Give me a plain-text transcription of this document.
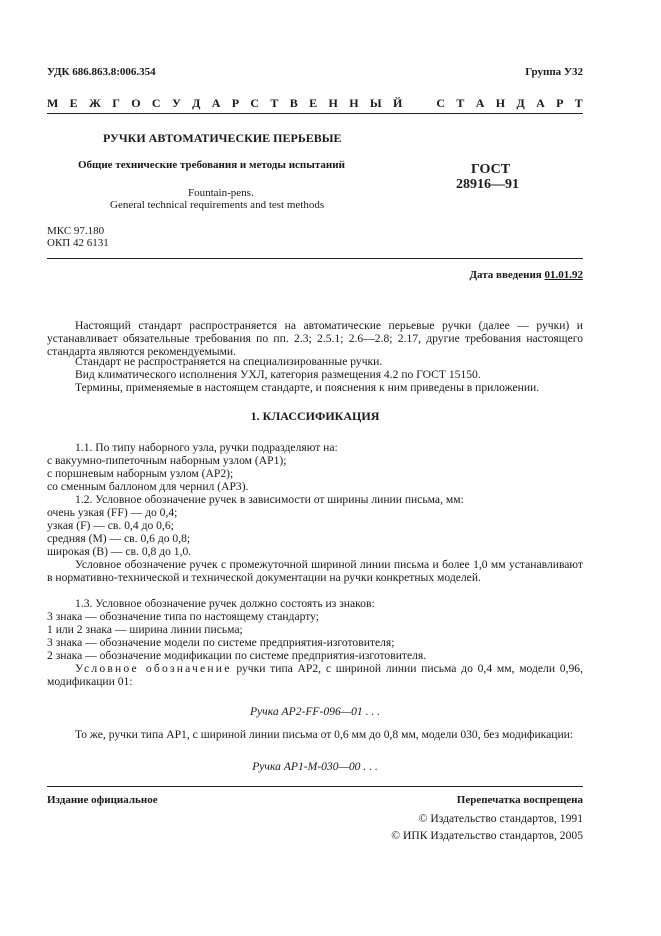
УДК 686.863.8:006.354	Группа У32
М Е Ж Г О С У Д А Р С Т В Е Н Н Ы Й	С Т А Н Д А Р Т
РУЧКИ АВТОМАТИЧЕСКИЕ ПЕРЬЕВЫЕ
Общие технические требования и методы испытаний
Fountain-pens.
General technical requirements and test methods
ГОСТ
28916—91
МКС 97.180
ОКП 42 6131
Дата введения 01.01.92
Настоящий стандарт распространяется на автоматические перьевые ручки (далее — ручки) и устанавливает обязательные требования по пп. 2.3; 2.5.1; 2.6—2.8; 2.17, другие требования настоящего стандарта являются рекомендуемыми.
Стандарт не распространяется на специализированные ручки.
Вид климатического исполнения УХЛ, категория размещения 4.2 по ГОСТ 15150.
Термины, применяемые в настоящем стандарте, и пояснения к ним приведены в приложении.
1. КЛАССИФИКАЦИЯ
1.1. По типу наборного узла, ручки подразделяют на:
с вакуумно-пипеточным наборным узлом (АР1);
с поршневым наборным узлом (АР2);
со сменным баллоном для чернил (АР3).
1.2. Условное обозначение ручек в зависимости от ширины линии письма, мм:
очень узкая (FF) — до 0,4;
узкая (F) — св. 0,4 до 0,6;
средняя (М) — св. 0,6 до 0,8;
широкая (B) — св. 0,8 до 1,0.
Условное обозначение ручек с промежуточной шириной линии письма и более 1,0 мм устанавливают в нормативно-технической и технической документации на ручки конкретных моделей.
1.3. Условное обозначение ручек должно состоять из знаков:
3 знака — обозначение типа по настоящему стандарту;
1 или 2 знака — ширина линии письма;
3 знака — обозначение модели по системе предприятия-изготовителя;
2 знака — обозначение модификации по системе предприятия-изготовителя.
Условное обозначение ручки типа АР2, с шириной линии письма до 0,4 мм, модели 0,96, модификации 01:
Ручка АР2-FF-096—01 . . .
То же, ручки типа АР1, с шириной линии письма от 0,6 мм до 0,8 мм, модели 030, без модификации:
Ручка АР1-М-030—00 . . .
Издание официальное	Перепечатка воспрещена
© Издательство стандартов, 1991
© ИПК Издательство стандартов, 2005
